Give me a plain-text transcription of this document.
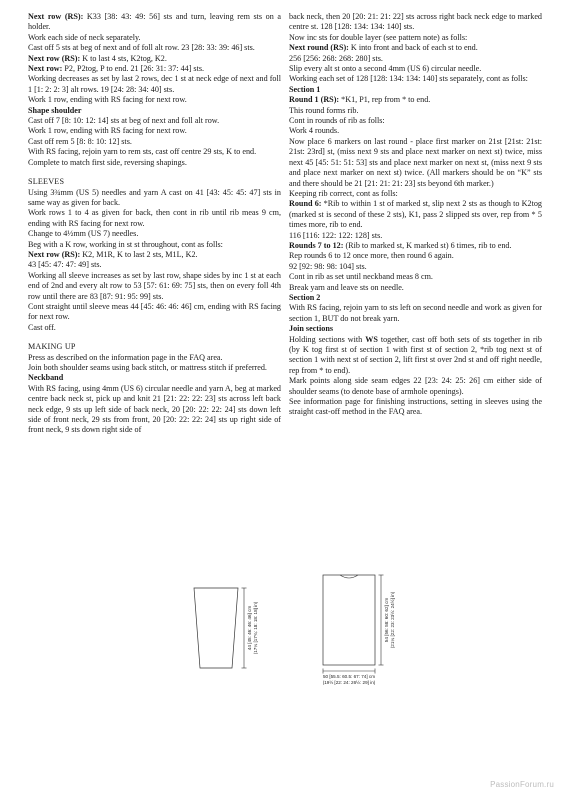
Next row (RS): K33 [38: 43: 49: 56] sts and turn, leaving rem sts on a holder.

Work each side of neck separately.

Cast off 5 sts at beg of next and of foll alt row. 23 [28: 33: 39: 46] sts.

Next row (RS): K to last 4 sts, K2tog, K2.

Next row: P2, P2tog, P to end. 21 [26: 31: 37: 44] sts.

Working decreases as set by last 2 rows, dec 1 st at neck edge of next and foll 1 [1: 2: 2: 3] alt rows. 19 [24: 28: 34: 40] sts.

Work 1 row, ending with RS facing for next row.

Shape shoulder

Cast off 7 [8: 10: 12: 14] sts at beg of next and foll alt row.

Work 1 row, ending with RS facing for next row.

Cast off rem 5 [8: 8: 10: 12] sts.

With RS facing, rejoin yarn to rem sts, cast off centre 29 sts, K to end.

Complete to match first side, reversing shapings.

SLEEVES

Using 3¾mm (US 5) needles and yarn A cast on 41 [43: 45: 45: 47] sts in same way as given for back.

Work rows 1 to 4 as given for back, then cont in rib until rib meas 9 cm, ending with RS facing for next row.

Change to 4½mm (US 7) needles.

Beg with a K row, working in st st throughout, cont as folls:

Next row (RS): K2, M1R, K to last 2 sts, M1L, K2.

43 [45: 47: 47: 49] sts.

Working all sleeve increases as set by last row, shape sides by inc 1 st at each end of 2nd and every alt row to 53 [57: 61: 69: 75] sts, then on every foll 4th row until there are 83 [87: 91: 95: 99] sts.

Cont straight until sleeve meas 44 [45: 46: 46: 46] cm, ending with RS facing for next row.

Cast off.

MAKING UP

Press as described on the information page in the FAQ area.

Join both shoulder seams using back stitch, or mattress stitch if preferred.

Neckband

With RS facing, using 4mm (US 6) circular needle and yarn A, beg at marked centre back neck st, pick up and knit 21 [21: 22: 22: 23] sts across left back neck edge, 9 sts up left side of back neck, 20 [20: 22: 22: 24] sts down left side of front neck, 29 sts from front, 20 [20: 22: 22: 24] sts up right side of front neck, 9 sts down right side of

back neck, then 20 [20: 21: 21: 22] sts across right back neck edge to marked centre st. 128 [128: 134: 134: 140] sts.

Now inc sts for double layer (see pattern note) as folls:

Next round (RS): K into front and back of each st to end.

256 [256: 268: 268: 280] sts.

Slip every alt st onto a second 4mm (US 6) circular needle.

Working each set of 128 [128: 134: 134: 140] sts separately, cont as folls:

Section 1

Round 1 (RS): *K1, P1, rep from * to end.

This round forms rib.

Cont in rounds of rib as folls:

Work 4 rounds.

Now place 6 markers on last round - place first marker on 21st [21st: 21st: 21st: 23rd] st, (miss next 9 sts and place next marker on next st) twice, miss next 45 [45: 51: 51: 53] sts and place next marker on next st, (miss next 9 sts and place next marker on next st) twice. (All markers should be on “K” sts and there should be 21 [21: 21: 21: 23] sts beyond 6th marker.)

Keeping rib correct, cont as folls:

Round 6: *Rib to within 1 st of marked st, slip next 2 sts as though to K2tog (marked st is second of these 2 sts), K1, pass 2 slipped sts over, rep from * 5 times more, rib to end.

116 [116: 122: 122: 128] sts.

Rounds 7 to 12: (Rib to marked st, K marked st) 6 times, rib to end.

Rep rounds 6 to 12 once more, then round 6 again.

92 [92: 98: 98: 104] sts.

Cont in rib as set until neckband meas 8 cm.

Break yarn and leave sts on needle.

Section 2

With RS facing, rejoin yarn to sts left on second needle and work as given for section 1, BUT do not break yarn.

Join sections

Holding sections with WS together, cast off both sets of sts together in rib (by K tog first st of section 1 with first st of section 2, *rib tog next st of section 1 with next st of section 2, lift first st over 2nd st and off right needle, rep from * to end).

Mark points along side seam edges 22 [23: 24: 25: 26] cm either side of shoulder seams (to denote base of armhole openings).

See information page for finishing instructions, setting in sleeves using the straight cast-off method in the FAQ area.

44 [45: 46: 46: 46] cm (17¼ [17¾: 18: 18: 18] in)	54 [56: 58: 60: 62] cm (21¼ [22: 23: 23½: 24½] in)
50 [55.5: 60.5: 67: 74] cm
(19½ [22: 24: 26½: 29] in)
PassionForum.ru
